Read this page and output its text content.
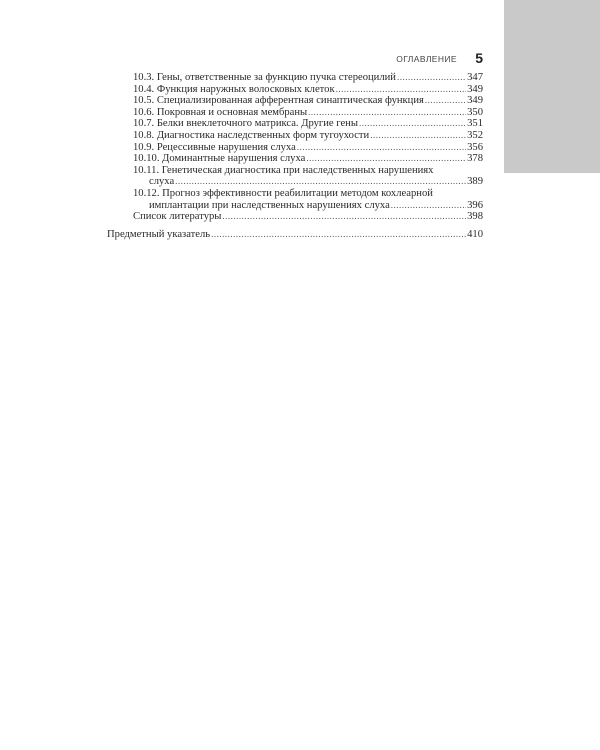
ОГЛАВЛЕНИЕ 5
10.3. Гены, ответственные за функцию пучка стереоцилий .....	347
10.4. Функция наружных волосковых клеток .....	349
10.5. Специализированная афферентная синаптическая функция .....	349
10.6. Покровная и основная мембраны .....	350
10.7. Белки внеклеточного матрикса. Другие гены .....	351
10.8. Диагностика наследственных форм тугоухости .....	352
10.9. Рецессивные нарушения слуха .....	356
10.10. Доминантные нарушения слуха .....	378
10.11. Генетическая диагностика при наследственных нарушениях
слуха .....	389
10.12. Прогноз эффективности реабилитации методом кохлеарной
имплантации при наследственных нарушениях слуха .....	396
Список литературы .....	398
Предметный указатель .....	410
